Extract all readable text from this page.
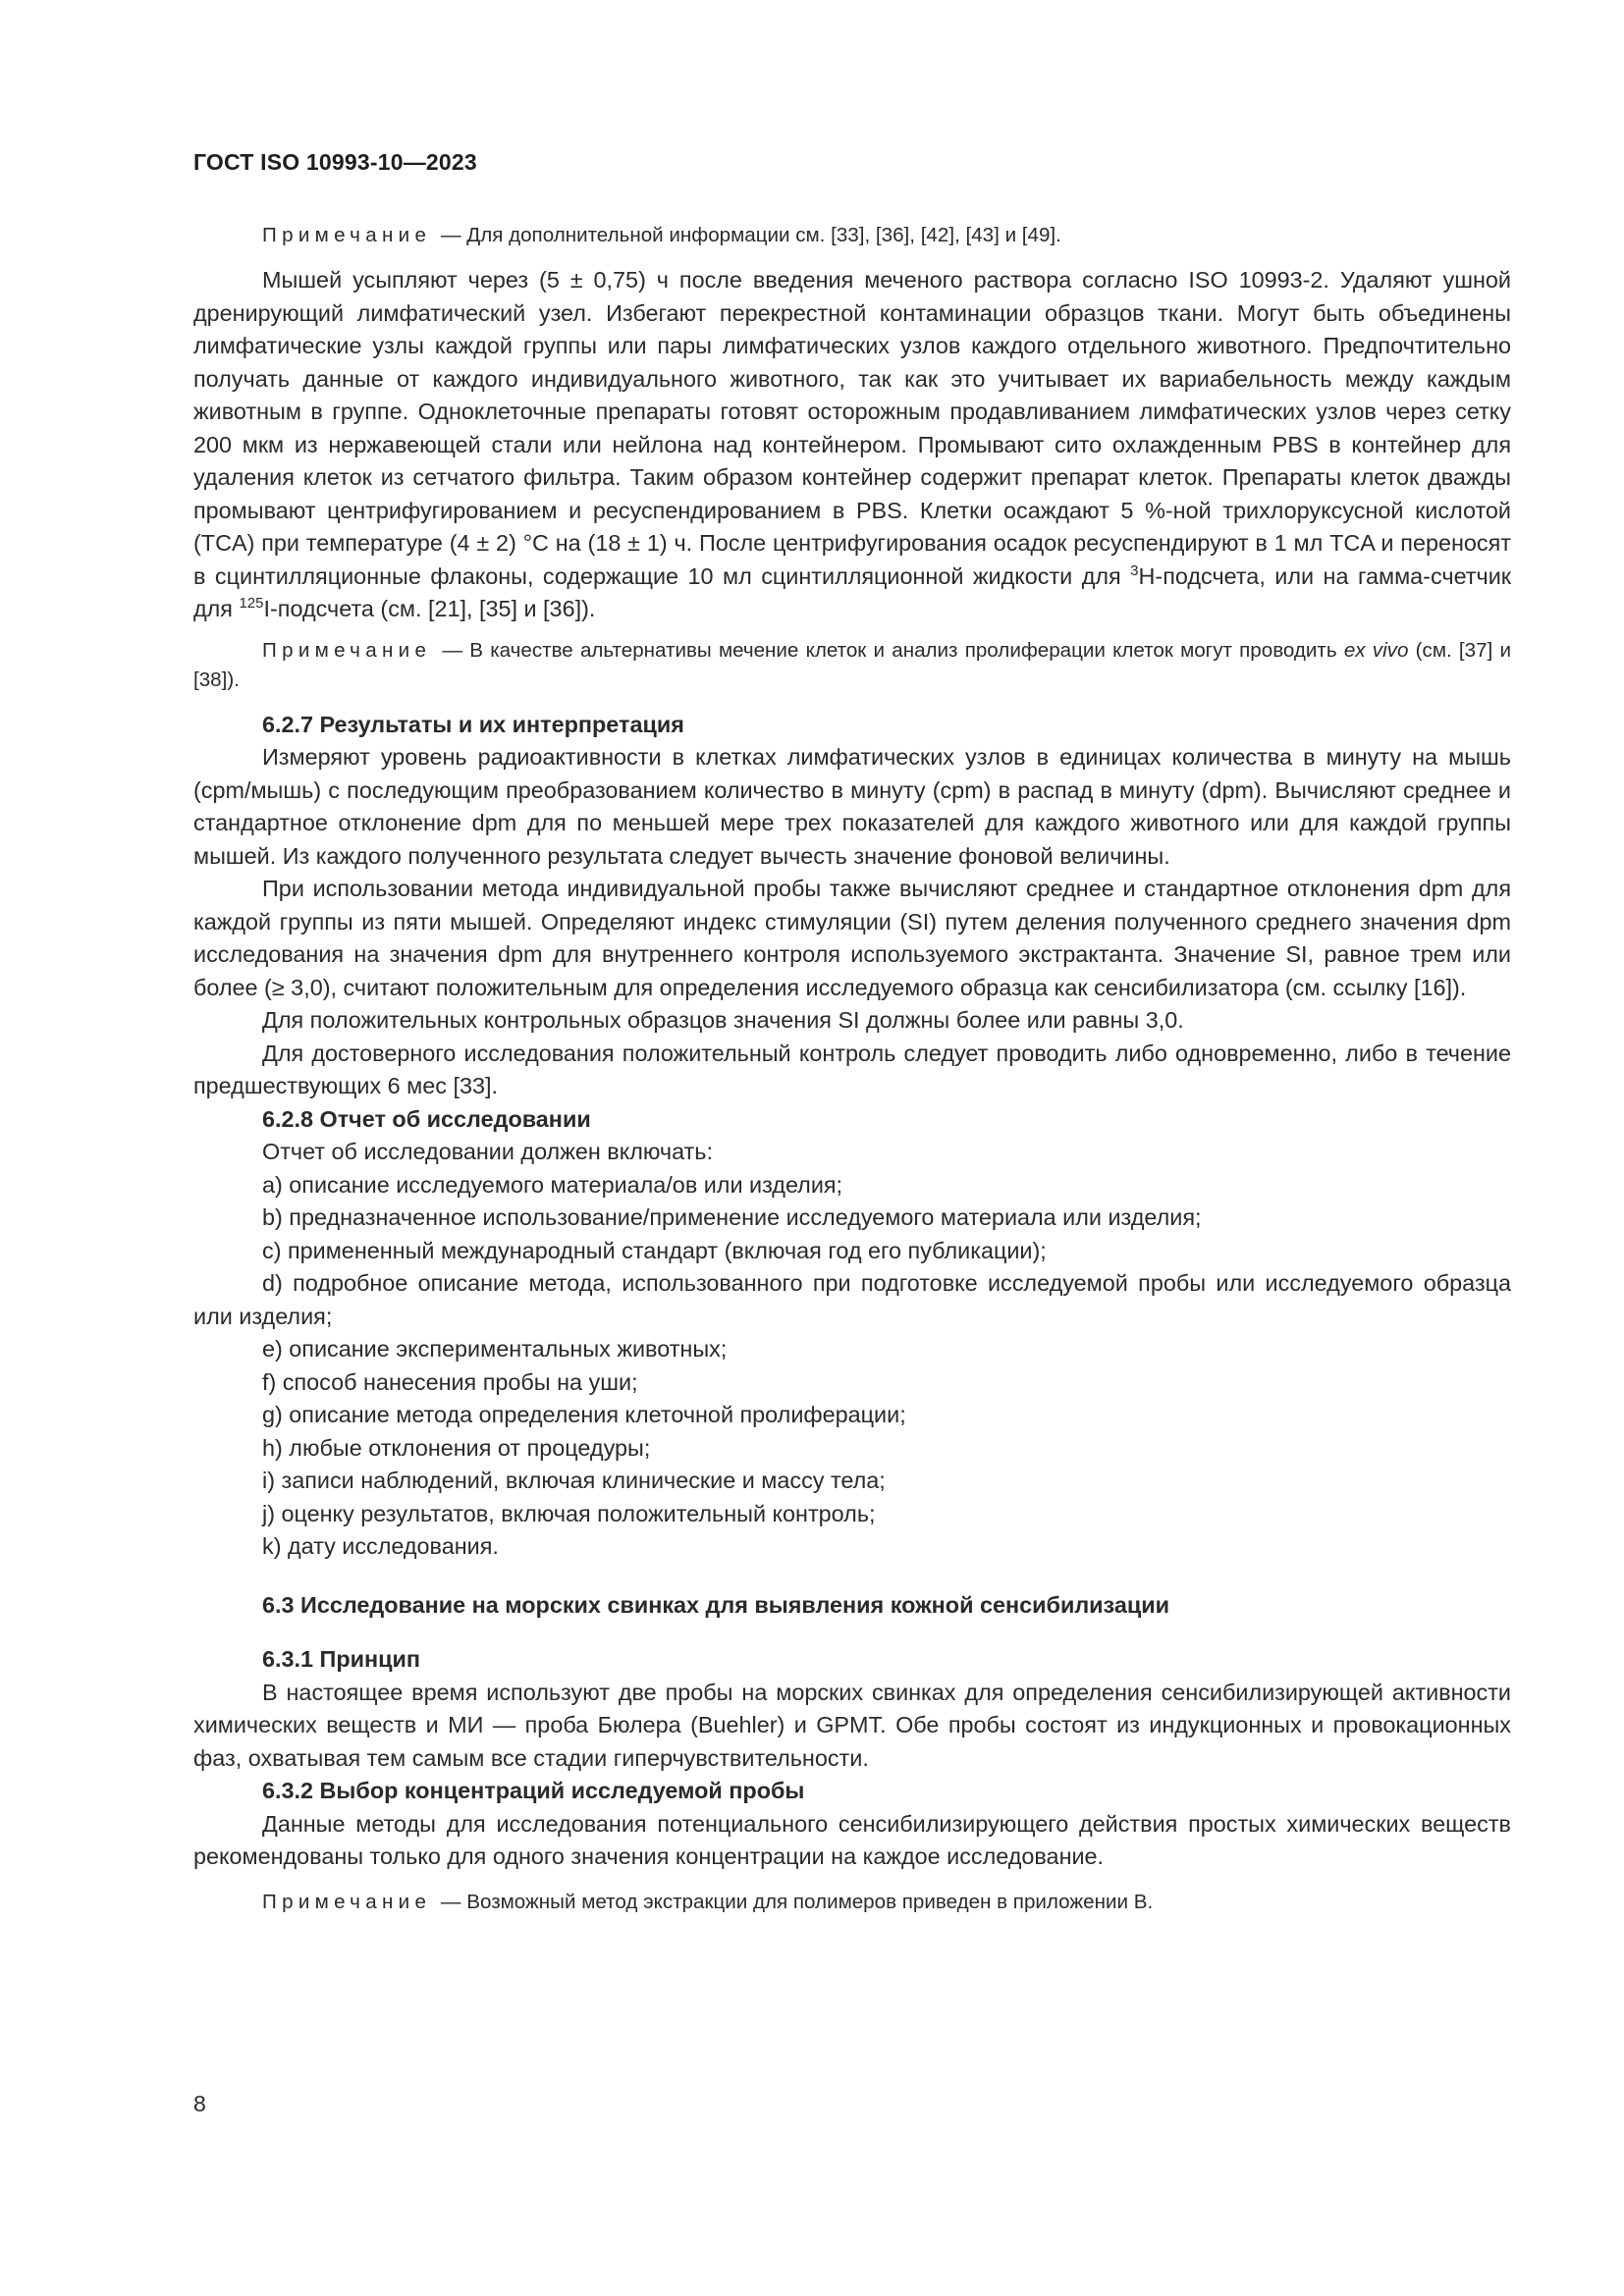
ГОСТ ISO 10993-10—2023

Примечание — Для дополнительной информации см. [33], [36], [42], [43] и [49].

Мышей усыпляют через (5 ± 0,75) ч после введения меченого раствора согласно ISO 10993-2. Удаляют ушной дренирующий лимфатический узел. Избегают перекрестной контаминации образцов ткани. Могут быть объединены лимфатические узлы каждой группы или пары лимфатических узлов каждого отдельного животного. Предпочтительно получать данные от каждого индивидуального животного, так как это учитывает их вариабельность между каждым животным в группе. Одноклеточные препараты готовят осторожным продавливанием лимфатических узлов через сетку 200 мкм из нержавеющей стали или нейлона над контейнером. Промывают сито охлажденным PBS в контейнер для удаления клеток из сетчатого фильтра. Таким образом контейнер содержит препарат клеток. Препараты клеток дважды промывают центрифугированием и ресуспендированием в PBS. Клетки осаждают 5 %-ной трихлоруксусной кислотой (TCA) при температуре (4 ± 2) °C на (18 ± 1) ч. После центрифугирования осадок ресуспендируют в 1 мл TCA и переносят в сцинтилляционные флаконы, содержащие 10 мл сцинтилляционной жидкости для $^3$H-подсчета, или на гамма-счетчик для $^{125}$I-подсчета (см. [21], [35] и [36]).

Примечание — В качестве альтернативы мечение клеток и анализ пролиферации клеток могут проводить ex vivo (см. [37] и [38]).

6.2.7 Результаты и их интерпретация

Измеряют уровень радиоактивности в клетках лимфатических узлов в единицах количества в минуту на мышь (cpm/мышь) с последующим преобразованием количество в минуту (cpm) в распад в минуту (dpm). Вычисляют среднее и стандартное отклонение dpm для по меньшей мере трех показателей для каждого животного или для каждой группы мышей. Из каждого полученного результата следует вычесть значение фоновой величины.

При использовании метода индивидуальной пробы также вычисляют среднее и стандартное отклонения dpm для каждой группы из пяти мышей. Определяют индекс стимуляции (SI) путем деления полученного среднего значения dpm исследования на значения dpm для внутреннего контроля используемого экстрактанта. Значение SI, равное трем или более (≥ 3,0), считают положительным для определения исследуемого образца как сенсибилизатора (см. ссылку [16]).

Для положительных контрольных образцов значения SI должны более или равны 3,0.

Для достоверного исследования положительный контроль следует проводить либо одновременно, либо в течение предшествующих 6 мес [33].

6.2.8 Отчет об исследовании

Отчет об исследовании должен включать:

a) описание исследуемого материала/ов или изделия;

b) предназначенное использование/применение исследуемого материала или изделия;

c) примененный международный стандарт (включая год его публикации);

d) подробное описание метода, использованного при подготовке исследуемой пробы или исследуемого образца или изделия;

e) описание экспериментальных животных;

f) способ нанесения пробы на уши;

g) описание метода определения клеточной пролиферации;

h) любые отклонения от процедуры;

i) записи наблюдений, включая клинические и массу тела;

j) оценку результатов, включая положительный контроль;

k) дату исследования.

6.3 Исследование на морских свинках для выявления кожной сенсибилизации

6.3.1 Принцип

В настоящее время используют две пробы на морских свинках для определения сенсибилизирующей активности химических веществ и МИ — проба Бюлера (Buehler) и GPMT. Обе пробы состоят из индукционных и провокационных фаз, охватывая тем самым все стадии гиперчувствительности.

6.3.2 Выбор концентраций исследуемой пробы

Данные методы для исследования потенциального сенсибилизирующего действия простых химических веществ рекомендованы только для одного значения концентрации на каждое исследование.

Примечание — Возможный метод экстракции для полимеров приведен в приложении В.

8
